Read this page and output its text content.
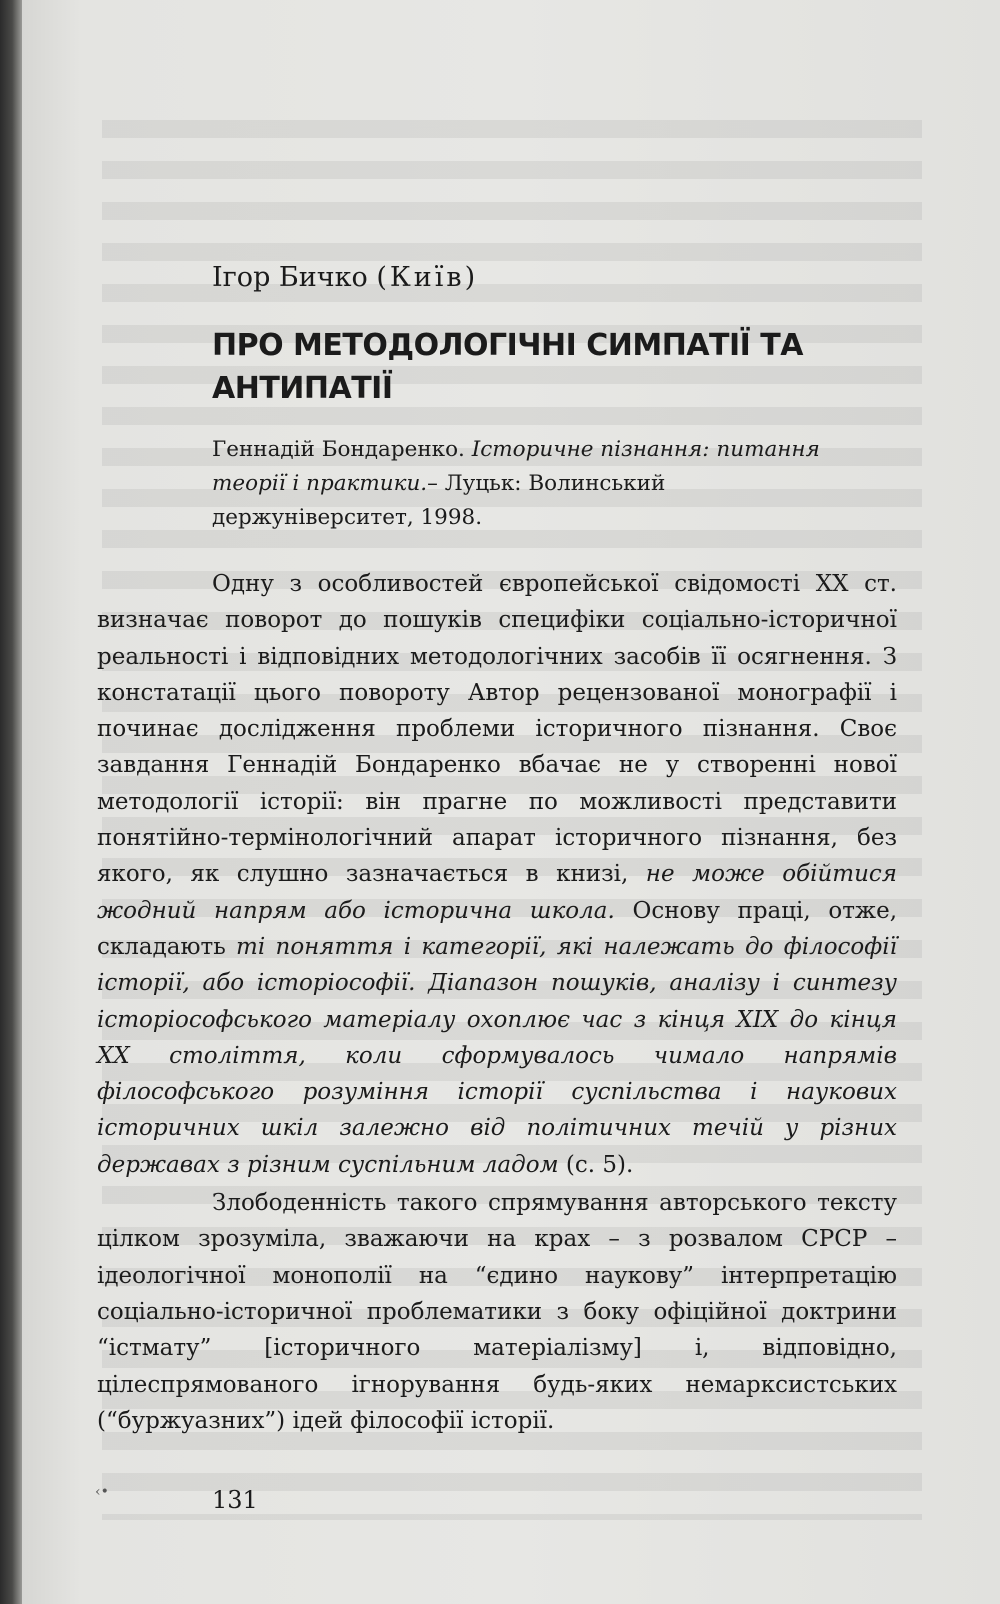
Ігор Бичко (Київ)
ПРО МЕТОДОЛОГІЧНІ СИМПАТІЇ ТА АНТИПАТІЇ
Геннадій Бондаренко. Історичне пізнання: питання теорії і практики.– Луцьк: Волинський держуніверситет, 1998.

Одну з особливостей європейської свідомості ХХ ст. визначає поворот до пошуків специфіки соціально-історичної реальності і відповідних методологічних засобів її осягнення. З констатації цього повороту Автор рецензованої монографії і починає дослідження проблеми історичного пізнання. Своє завдання Геннадій Бондаренко вбачає не у створенні нової методології історії: він прагне по можливості представити понятійно-термінологічний апарат історичного пізнання, без якого, як слушно зазначається в книзі, не може обійтися жодний напрям або історична школа. Основу праці, отже, складають ті поняття і категорії, які належать до філософії історії, або історіософії. Діапазон пошуків, аналізу і синтезу історіософського матеріалу охоплює час з кінця ХІХ до кінця ХХ століття, коли сформувалось чимало напрямів філософського розуміння історії суспільства і наукових історичних шкіл залежно від політичних течій у різних державах з різним суспільним ладом (с. 5).

Злободенність такого спрямування авторського тексту цілком зрозуміла, зважаючи на крах – з розвалом СРСР – ідеологічної монополії на “єдино наукову” інтерпретацію соціально-історичної проблематики з боку офіційної доктрини “істмату” [історичного матеріалізму] і, відповідно, цілеспрямованого ігнорування будь-яких немарксистських (“буржуазних”) ідей філософії історії.

‹•	131
